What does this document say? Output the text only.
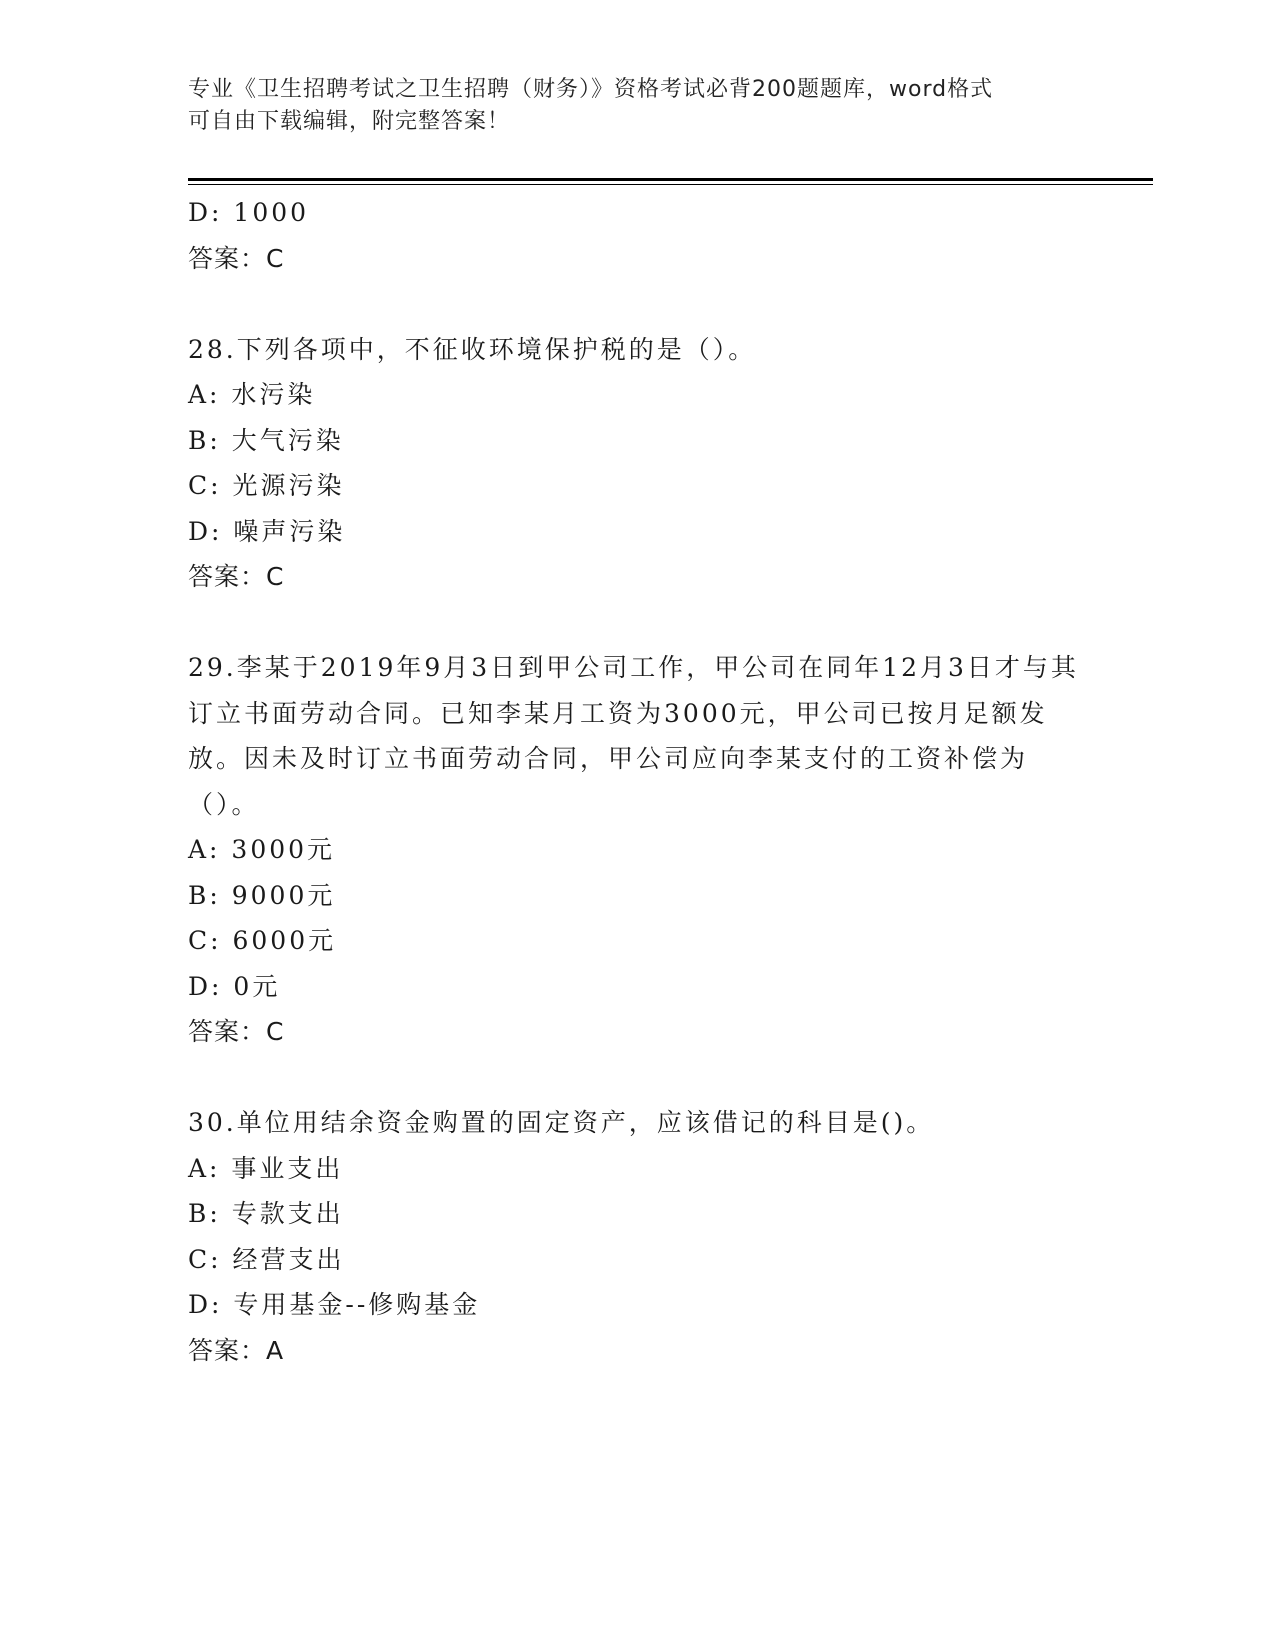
专业《卫生招聘考试之卫生招聘（财务）》资格考试必背200题题库，word格式
可自由下载编辑，附完整答案！
D: 1000
答案：C
28.下列各项中，不征收环境保护税的是（）。
A: 水污染
B: 大气污染
C: 光源污染
D: 噪声污染
答案：C
29.李某于2019年9月3日到甲公司工作，甲公司在同年12月3日才与其订立书面劳动合同。已知李某月工资为3000元，甲公司已按月足额发放。因未及时订立书面劳动合同，甲公司应向李某支付的工资补偿为（）。
A: 3000元
B: 9000元
C: 6000元
D: 0元
答案：C
30.单位用结余资金购置的固定资产，应该借记的科目是()。
A: 事业支出
B: 专款支出
C: 经营支出
D: 专用基金--修购基金
答案：A
